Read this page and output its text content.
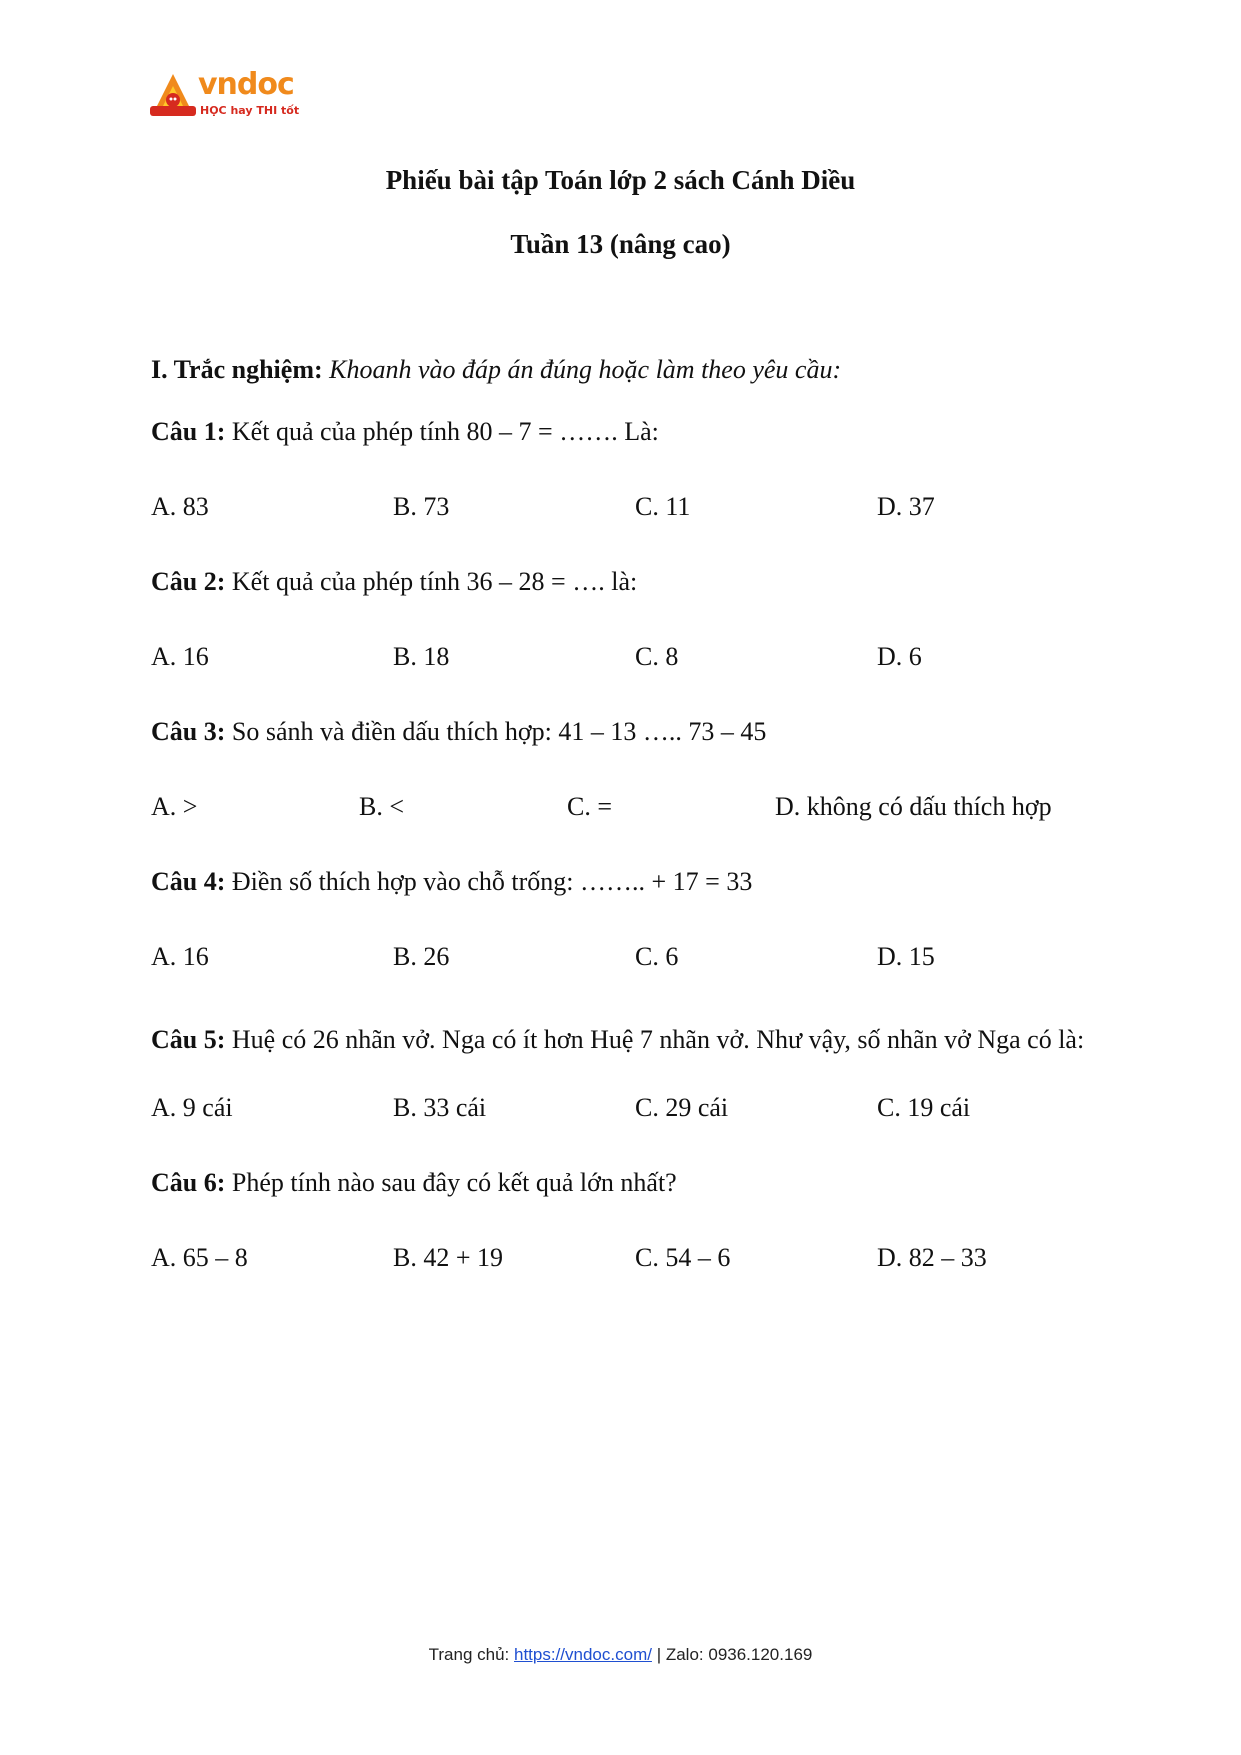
vndoc
HỌC hay THI tốt
Phiếu bài tập Toán lớp 2 sách Cánh Diều
Tuần 13 (nâng cao)
I. Trắc nghiệm: Khoanh vào đáp án đúng hoặc làm theo yêu cầu:
Câu 1: Kết quả của phép tính 80 – 7 = ……. Là:
A. 83	B. 73	C. 11	D. 37
Câu 2: Kết quả của phép tính 36 – 28 = …. là:
A. 16	B. 18	C. 8	D. 6
Câu 3: So sánh và điền dấu thích hợp: 41 – 13 ….. 73 – 45
A. >	B. <	C. =	D. không có dấu thích hợp
Câu 4: Điền số thích hợp vào chỗ trống: …….. + 17 = 33
A. 16	B. 26	C. 6	D. 15
Câu 5: Huệ có 26 nhãn vở. Nga có ít hơn Huệ 7 nhãn vở. Như vậy, số nhãn vở Nga có là:
A. 9 cái	B. 33 cái	C. 29 cái	C. 19 cái
Câu 6: Phép tính nào sau đây có kết quả lớn nhất?
A. 65 – 8	B. 42 + 19	C. 54 – 6	D. 82 – 33
Trang chủ: https://vndoc.com/ | Zalo: 0936.120.169
